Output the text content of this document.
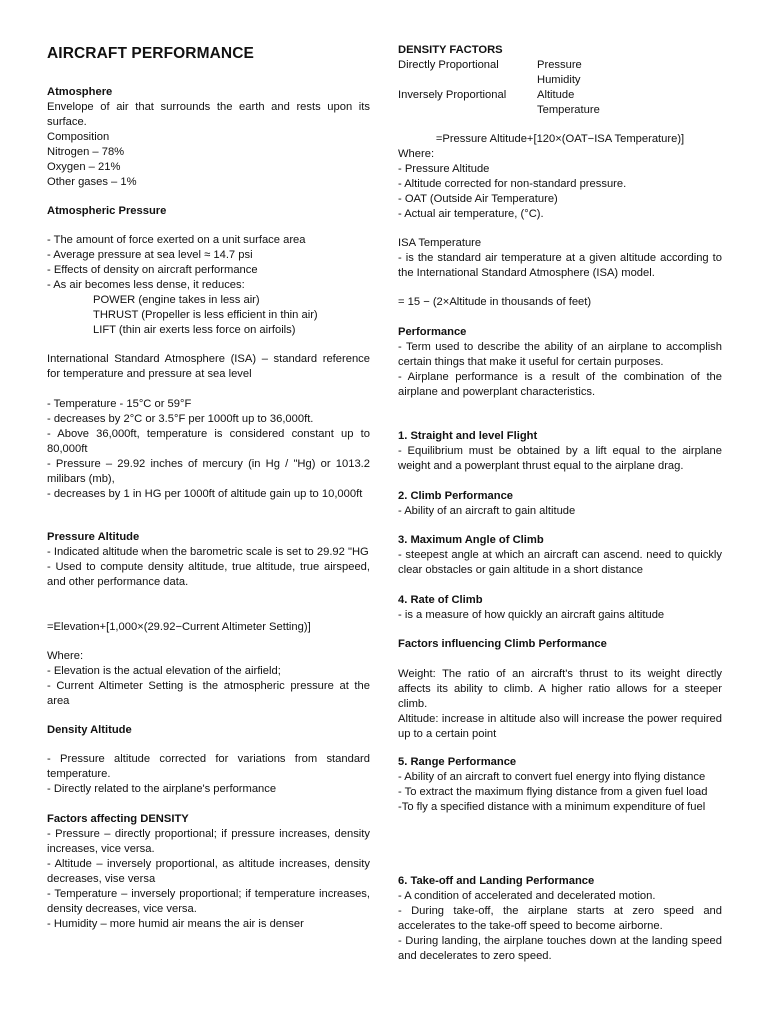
AIRCRAFT PERFORMANCE

Atmosphere

Envelope of air that surrounds the earth and rests upon its surface.

Composition

Nitrogen – 78%

Oxygen – 21%

Other gases – 1%

Atmospheric Pressure

- The amount of force exerted on a unit surface area

- Average pressure at sea level ≈ 14.7 psi

- Effects of density on aircraft performance

- As air becomes less dense, it reduces:

POWER (engine takes in less air)

THRUST (Propeller is less efficient in thin air)

LIFT (thin air exerts less force on airfoils)

International Standard Atmosphere (ISA) – standard reference for temperature and pressure at sea level

- Temperature - 15°C or 59°F

- decreases by 2°C or 3.5°F per 1000ft up to 36,000ft.

- Above 36,000ft, temperature is considered constant up to 80,000ft

- Pressure – 29.92 inches of mercury (in Hg / "Hg) or 1013.2 milibars (mb),

- decreases by 1 in HG per 1000ft of altitude gain up to 10,000ft

Pressure Altitude

- Indicated altitude when the barometric scale is set to 29.92 "HG

- Used to compute density altitude, true altitude, true airspeed, and other performance data.

=Elevation+[1,000×(29.92−Current Altimeter Setting)]

Where:

- Elevation is the actual elevation of the airfield;

- Current Altimeter Setting is the atmospheric pressure at the area

Density Altitude

- Pressure altitude corrected for variations from standard temperature.

- Directly related to the airplane's performance

Factors affecting DENSITY

- Pressure – directly proportional; if pressure increases, density increases, vice versa.

- Altitude – inversely proportional, as altitude increases, density decreases, vise versa

- Temperature – inversely proportional; if temperature increases, density decreases, vice versa.

- Humidity – more humid air means the air is denser

DENSITY FACTORS

Directly Proportional	Pressure
Humidity
Inversely Proportional	Altitude
Temperature

=Pressure Altitude+[120×(OAT−ISA Temperature)]

Where:

- Pressure Altitude

- Altitude corrected for non-standard pressure.

- OAT (Outside Air Temperature)

- Actual air temperature, (°C).

ISA Temperature

- is the standard air temperature at a given altitude according to the International Standard Atmosphere (ISA) model.

= 15 − (2×Altitude in thousands of feet)

Performance

- Term used to describe the ability of an airplane to accomplish certain things that make it useful for certain purposes.

- Airplane performance is a result of the combination of the airplane and powerplant characteristics.

1. Straight and level Flight

- Equilibrium must be obtained by a lift equal to the airplane weight and a powerplant thrust equal to the airplane drag.

2. Climb Performance

- Ability of an aircraft to gain altitude

3. Maximum Angle of Climb

- steepest angle at which an aircraft can ascend. need to quickly clear obstacles or gain altitude in a short distance

4. Rate of Climb

- is a measure of how quickly an aircraft gains altitude

Factors influencing Climb Performance

Weight: The ratio of an aircraft's thrust to its weight directly affects its ability to climb. A higher ratio allows for a steeper climb.

Altitude: increase in altitude also will increase the power required up to a certain point

5. Range Performance

- Ability of an aircraft to convert fuel energy into flying distance

- To extract the maximum flying distance from a given fuel load

-To fly a specified distance with a minimum expenditure of fuel

6. Take-off and Landing Performance

- A condition of accelerated and decelerated motion.

- During take-off, the airplane starts at zero speed and accelerates to the take-off speed to become airborne.

- During landing, the airplane touches down at the landing speed and decelerates to zero speed.
